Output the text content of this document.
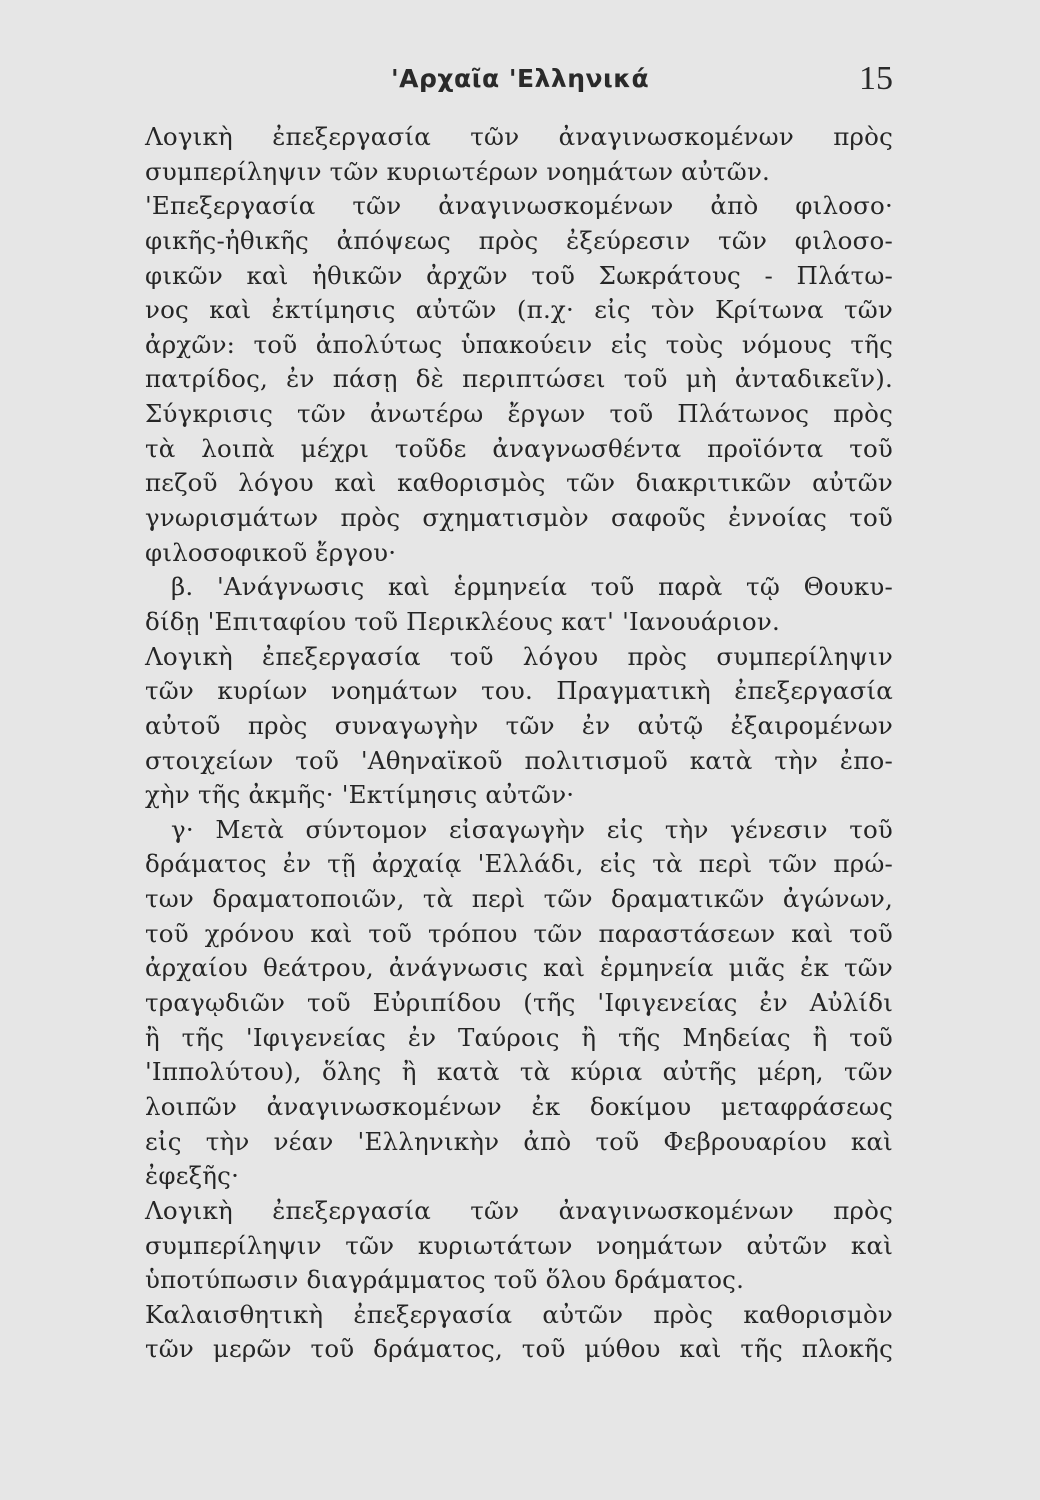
'Αρχαῖα 'Ελληνικά	15
Λογικὴ ἐπεξεργασία τῶν ἀναγινωσκομένων πρὸς
συμπερίληψιν τῶν κυριωτέρων νοημάτων αὐτῶν.
'Επεξεργασία τῶν ἀναγινωσκομένων ἀπὸ φιλοσο·
φικῆς-ἠθικῆς ἀπόψεως πρὸς ἐξεύρεσιν τῶν φιλοσο-
φικῶν καὶ ἠθικῶν ἀρχῶν τοῦ Σωκράτους - Πλάτω-
νος καὶ ἐκτίμησις αὐτῶν (π.χ· εἰς τὸν Κρίτωνα τῶν
ἀρχῶν: τοῦ ἀπολύτως ὑπακούειν εἰς τοὺς νόμους τῆς
πατρίδος, ἐν πάσῃ δὲ περιπτώσει τοῦ μὴ ἀνταδικεῖν).
Σύγκρισις τῶν ἀνωτέρω ἔργων τοῦ Πλάτωνος πρὸς
τὰ λοιπὰ μέχρι τοῦδε ἀναγνωσθέντα προϊόντα τοῦ
πεζοῦ λόγου καὶ καθορισμὸς τῶν διακριτικῶν αὐτῶν
γνωρισμάτων πρὸς σχηματισμὸν σαφοῦς ἐννοίας τοῦ
φιλοσοφικοῦ ἔργου·
β. 'Ανάγνωσις καὶ ἑρμηνεία τοῦ παρὰ τῷ Θουκυ-
δίδῃ 'Επιταφίου τοῦ Περικλέους κατ' 'Ιανουάριον.
Λογικὴ ἐπεξεργασία τοῦ λόγου πρὸς συμπερίληψιν
τῶν κυρίων νοημάτων του. Πραγματικὴ ἐπεξεργασία
αὐτοῦ πρὸς συναγωγὴν τῶν ἐν αὐτῷ ἐξαιρομένων
στοιχείων τοῦ 'Αθηναϊκοῦ πολιτισμοῦ κατὰ τὴν ἐπο-
χὴν τῆς ἀκμῆς· 'Εκτίμησις αὐτῶν·
γ· Μετὰ σύντομον εἰσαγωγὴν εἰς τὴν γένεσιν τοῦ
δράματος ἐν τῇ ἀρχαίᾳ 'Ελλάδι, εἰς τὰ περὶ τῶν πρώ-
των δραματοποιῶν, τὰ περὶ τῶν δραματικῶν ἀγώνων,
τοῦ χρόνου καὶ τοῦ τρόπου τῶν παραστάσεων καὶ τοῦ
ἀρχαίου θεάτρου, ἀνάγνωσις καὶ ἑρμηνεία μιᾶς ἐκ τῶν
τραγῳδιῶν τοῦ Εὐριπίδου (τῆς 'Ιφιγενείας ἐν Αὐλίδι
ἢ τῆς 'Ιφιγενείας ἐν Ταύροις ἢ τῆς Μηδείας ἢ τοῦ
'Ιππολύτου), ὅλης ἢ κατὰ τὰ κύρια αὐτῆς μέρη, τῶν
λοιπῶν ἀναγινωσκομένων ἐκ δοκίμου μεταφράσεως
εἰς τὴν νέαν 'Ελληνικὴν ἀπὸ τοῦ Φεβρουαρίου καὶ
ἐφεξῆς·
Λογικὴ ἐπεξεργασία τῶν ἀναγινωσκομένων πρὸς
συμπερίληψιν τῶν κυριωτάτων νοημάτων αὐτῶν καὶ
ὑποτύπωσιν διαγράμματος τοῦ ὅλου δράματος.
Καλαισθητικὴ ἐπεξεργασία αὐτῶν πρὸς καθορισμὸν
τῶν μερῶν τοῦ δράματος, τοῦ μύθου καὶ τῆς πλοκῆς
